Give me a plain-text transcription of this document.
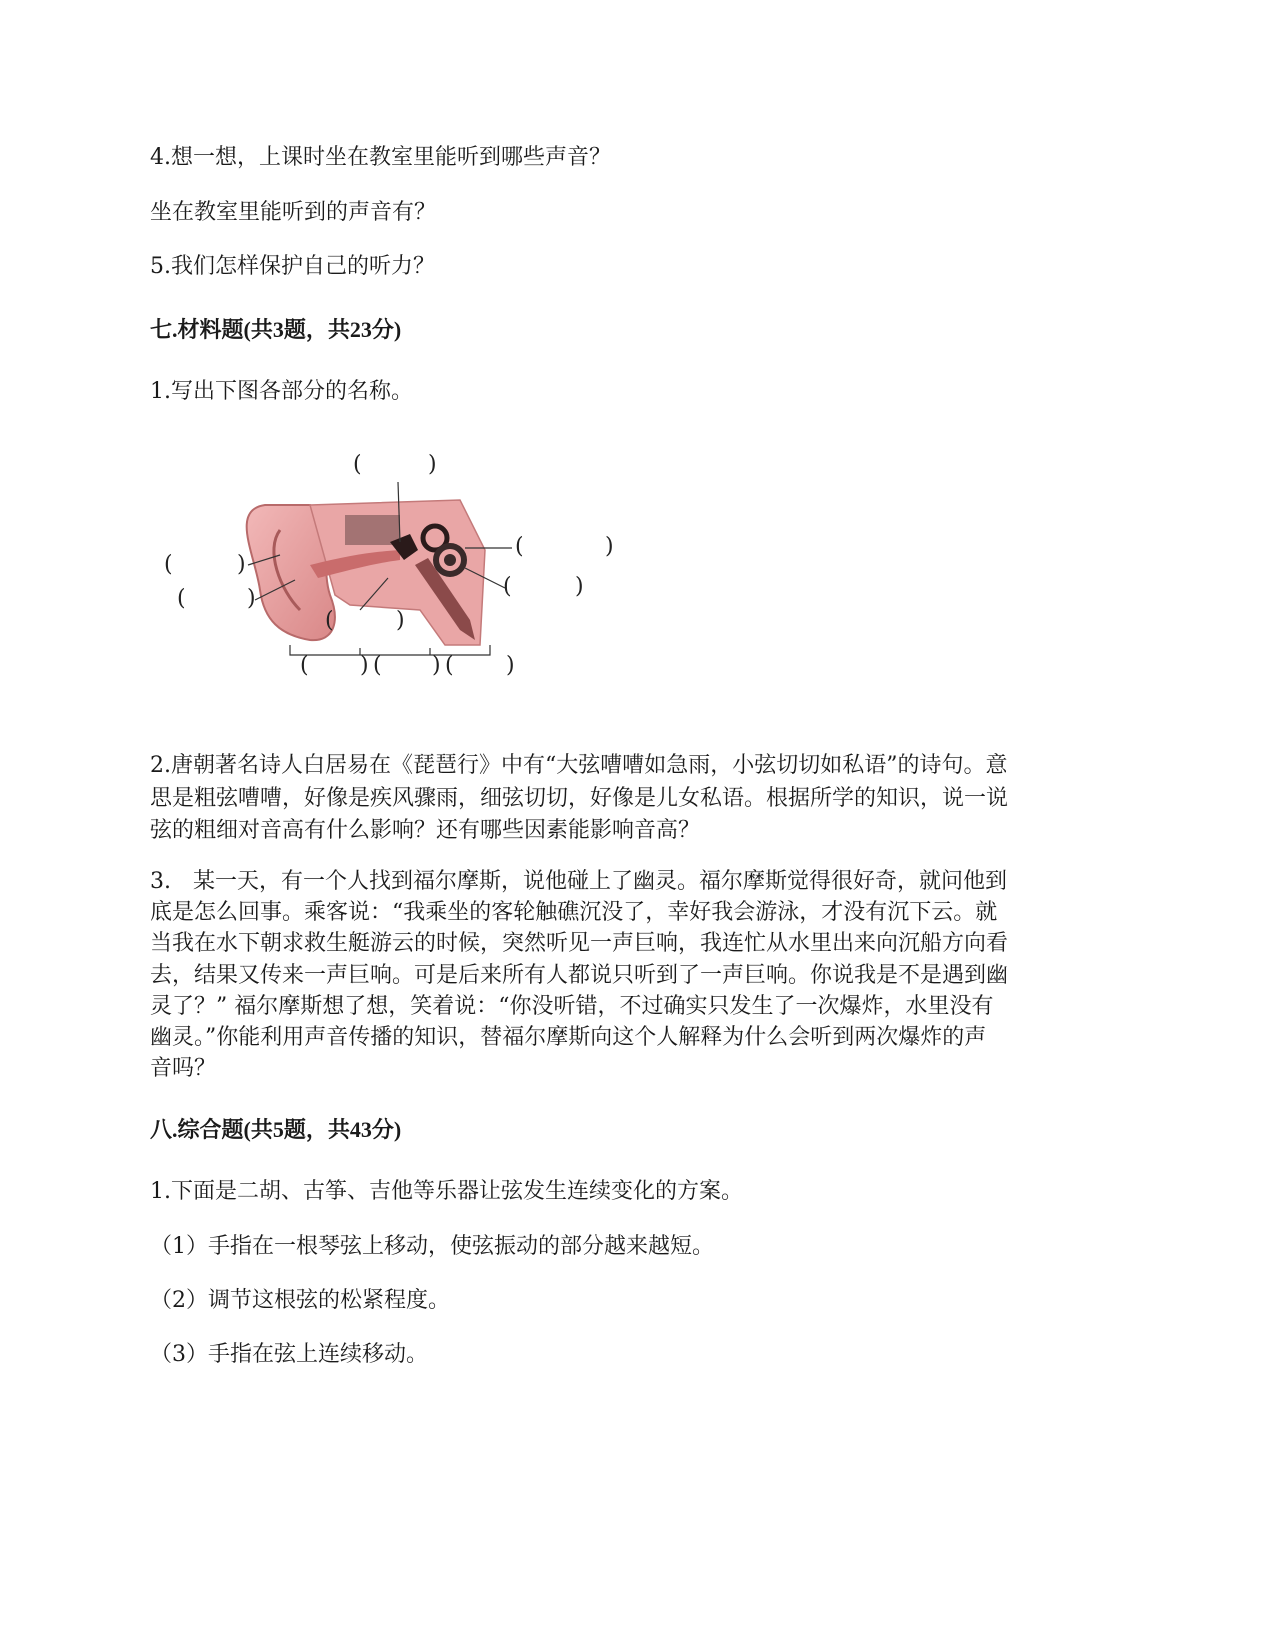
4.想一想，上课时坐在教室里能听到哪些声音？
坐在教室里能听到的声音有？
5.我们怎样保护自己的听力？
七.材料题(共3题，共23分)
1.写出下图各部分的名称。
(	)
(	)
(	)
(	)
(	)
(	)
( ) ( ) ( )
2.唐朝著名诗人白居易在《琵琶行》中有“大弦嘈嘈如急雨，小弦切切如私语”的诗句。意
思是粗弦嘈嘈，好像是疾风骤雨，细弦切切，好像是儿女私语。根据所学的知识，说一说
弦的粗细对音高有什么影响？还有哪些因素能影响音高？
3.　某一天，有一个人找到福尔摩斯，说他碰上了幽灵。福尔摩斯觉得很好奇，就问他到
底是怎么回事。乘客说：“我乘坐的客轮触礁沉没了，幸好我会游泳，才没有沉下云。就
当我在水下朝求救生艇游云的时候，突然听见一声巨响，我连忙从水里出来向沉船方向看
去，结果又传来一声巨响。可是后来所有人都说只听到了一声巨响。你说我是不是遇到幽
灵了？” 福尔摩斯想了想，笑着说：“你没听错，不过确实只发生了一次爆炸，水里没有
幽灵。”你能利用声音传播的知识，替福尔摩斯向这个人解释为什么会听到两次爆炸的声
音吗？
八.综合题(共5题，共43分)
1.下面是二胡、古筝、吉他等乐器让弦发生连续变化的方案。
（1）手指在一根琴弦上移动，使弦振动的部分越来越短。
（2）调节这根弦的松紧程度。
（3）手指在弦上连续移动。
